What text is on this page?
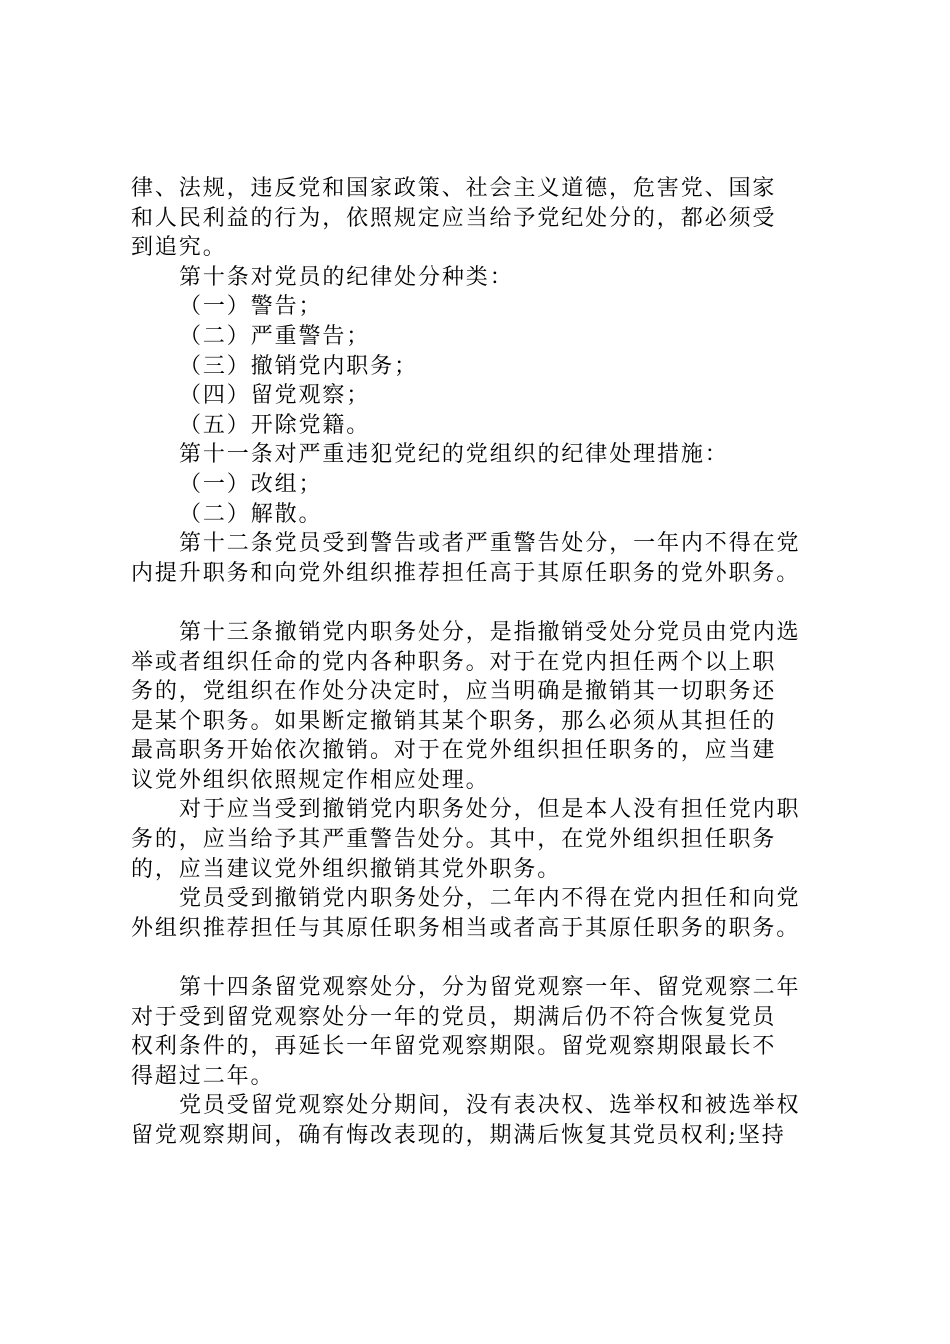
律、法规，违反党和国家政策、社会主义道德，危害党、国家
和人民利益的行为，依照规定应当给予党纪处分的，都必须受
到追究。
第十条对党员的纪律处分种类：
（一）警告；
（二）严重警告；
（三）撤销党内职务；
（四）留党观察；
（五）开除党籍。
第十一条对严重违犯党纪的党组织的纪律处理措施：
（一）改组；
（二）解散。
第十二条党员受到警告或者严重警告处分，一年内不得在党
内提升职务和向党外组织推荐担任高于其原任职务的党外职务。
第十三条撤销党内职务处分，是指撤销受处分党员由党内选
举或者组织任命的党内各种职务。对于在党内担任两个以上职
务的，党组织在作处分决定时，应当明确是撤销其一切职务还
是某个职务。如果断定撤销其某个职务，那么必须从其担任的
最高职务开始依次撤销。对于在党外组织担任职务的，应当建
议党外组织依照规定作相应处理。
对于应当受到撤销党内职务处分，但是本人没有担任党内职
务的，应当给予其严重警告处分。其中，在党外组织担任职务
的，应当建议党外组织撤销其党外职务。
党员受到撤销党内职务处分，二年内不得在党内担任和向党
外组织推荐担任与其原任职务相当或者高于其原任职务的职务。
第十四条留党观察处分，分为留党观察一年、留党观察二年
对于受到留党观察处分一年的党员，期满后仍不符合恢复党员
权利条件的，再延长一年留党观察期限。留党观察期限最长不
得超过二年。
党员受留党观察处分期间，没有表决权、选举权和被选举权
留党观察期间，确有悔改表现的，期满后恢复其党员权利;坚持
